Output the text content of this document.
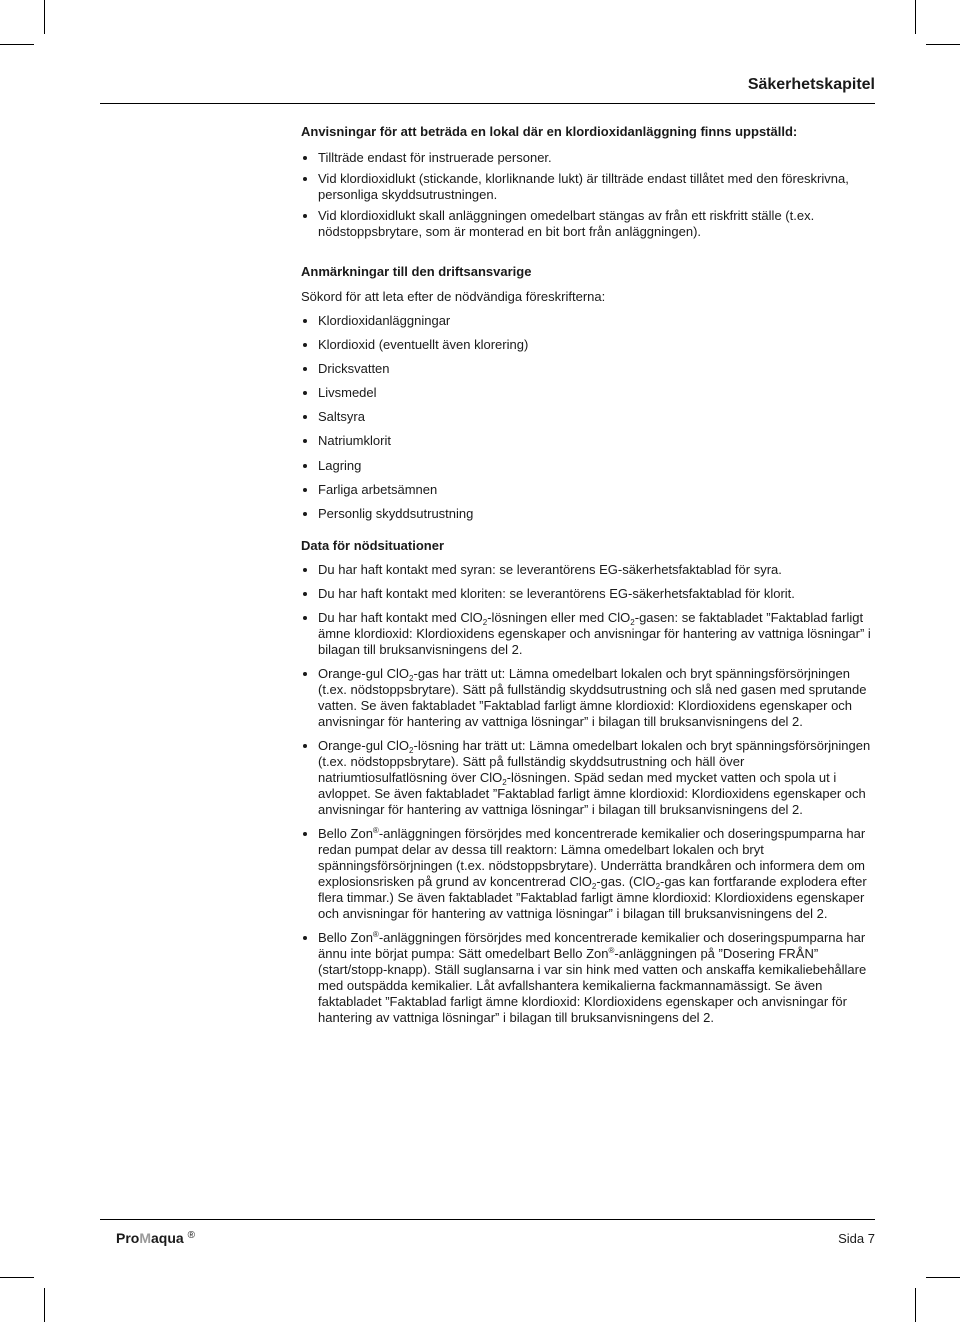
Säkerhetskapitel

Anvisningar för att beträda en lokal där en klordioxidanläggning finns uppställd:

Tillträde endast för instruerade personer.
Vid klordioxidlukt (stickande, klorliknande lukt) är tillträde endast tillåtet med den föreskrivna, personliga skyddsutrustningen.
Vid klordioxidlukt skall anläggningen omedelbart stängas av från ett riskfritt ställe (t.ex. nödstoppsbrytare, som är monterad en bit bort från anläggningen).

Anmärkningar till den driftsansvarige

Sökord för att leta efter de nödvändiga föreskrifterna:

Klordioxidanläggningar
Klordioxid (eventuellt även klorering)
Dricksvatten
Livsmedel
Saltsyra
Natriumklorit
Lagring
Farliga arbetsämnen
Personlig skyddsutrustning

Data för nödsituationer

Du har haft kontakt med syran: se leverantörens EG-säkerhetsfaktablad för syra.
Du har haft kontakt med kloriten: se leverantörens EG-säkerhetsfaktablad för klorit.
Du har haft kontakt med ClO$_2$-lösningen eller med ClO$_2$-gasen: se faktabladet ”Faktablad farligt ämne klordioxid: Klordioxidens egenskaper och anvisningar för hantering av vattniga lösningar” i bilagan till bruksanvisningens del 2.
Orange-gul ClO$_2$-gas har trätt ut: Lämna omedelbart lokalen och bryt spänningsförsörjningen (t.ex. nödstoppsbrytare). Sätt på fullständig skyddsutrustning och slå ned gasen med sprutande vatten. Se även faktabladet ”Faktablad farligt ämne klordioxid: Klordioxidens egenskaper och anvisningar för hantering av vattniga lösningar” i bilagan till bruksanvisningens del 2.
Orange-gul ClO$_2$-lösning har trätt ut: Lämna omedelbart lokalen och bryt spänningsförsörjningen (t.ex. nödstoppsbrytare). Sätt på fullständig skyddsutrustning och häll över natriumtiosulfatlösning över ClO$_2$-lösningen. Späd sedan med mycket vatten och spola ut i avloppet. Se även faktabladet ”Faktablad farligt ämne klordioxid: Klordioxidens egenskaper och anvisningar för hantering av vattniga lösningar” i bilagan till bruksanvisningens del 2.
Bello Zon®-anläggningen försörjdes med koncentrerade kemikalier och doseringspumparna har redan pumpat delar av dessa till reaktorn: Lämna omedelbart lokalen och bryt spänningsförsörjningen (t.ex. nödstoppsbrytare). Underrätta brandkåren och informera dem om explosionsrisken på grund av koncentrerad ClO$_2$-gas. (ClO$_2$-gas kan fortfarande explodera efter flera timmar.) Se även faktabladet ”Faktablad farligt ämne klordioxid: Klordioxidens egenskaper och anvisningar för hantering av vattniga lösningar” i bilagan till bruksanvisningens del 2.
Bello Zon®-anläggningen försörjdes med koncentrerade kemikalier och doseringspumparna har ännu inte börjat pumpa: Sätt omedelbart Bello Zon®-anläggningen på ”Dosering FRÅN” (start/stopp-knapp). Ställ suglansarna i var sin hink med vatten och anskaffa kemikaliebehållare med outspädda kemikalier. Låt avfallshantera kemikalierna fackmannamässigt. Se även faktabladet ”Faktablad farligt ämne klordioxid: Klordioxidens egenskaper och anvisningar för hantering av vattniga lösningar” i bilagan till bruksanvisningens del 2.
ProMaqua ®	Sida 7
